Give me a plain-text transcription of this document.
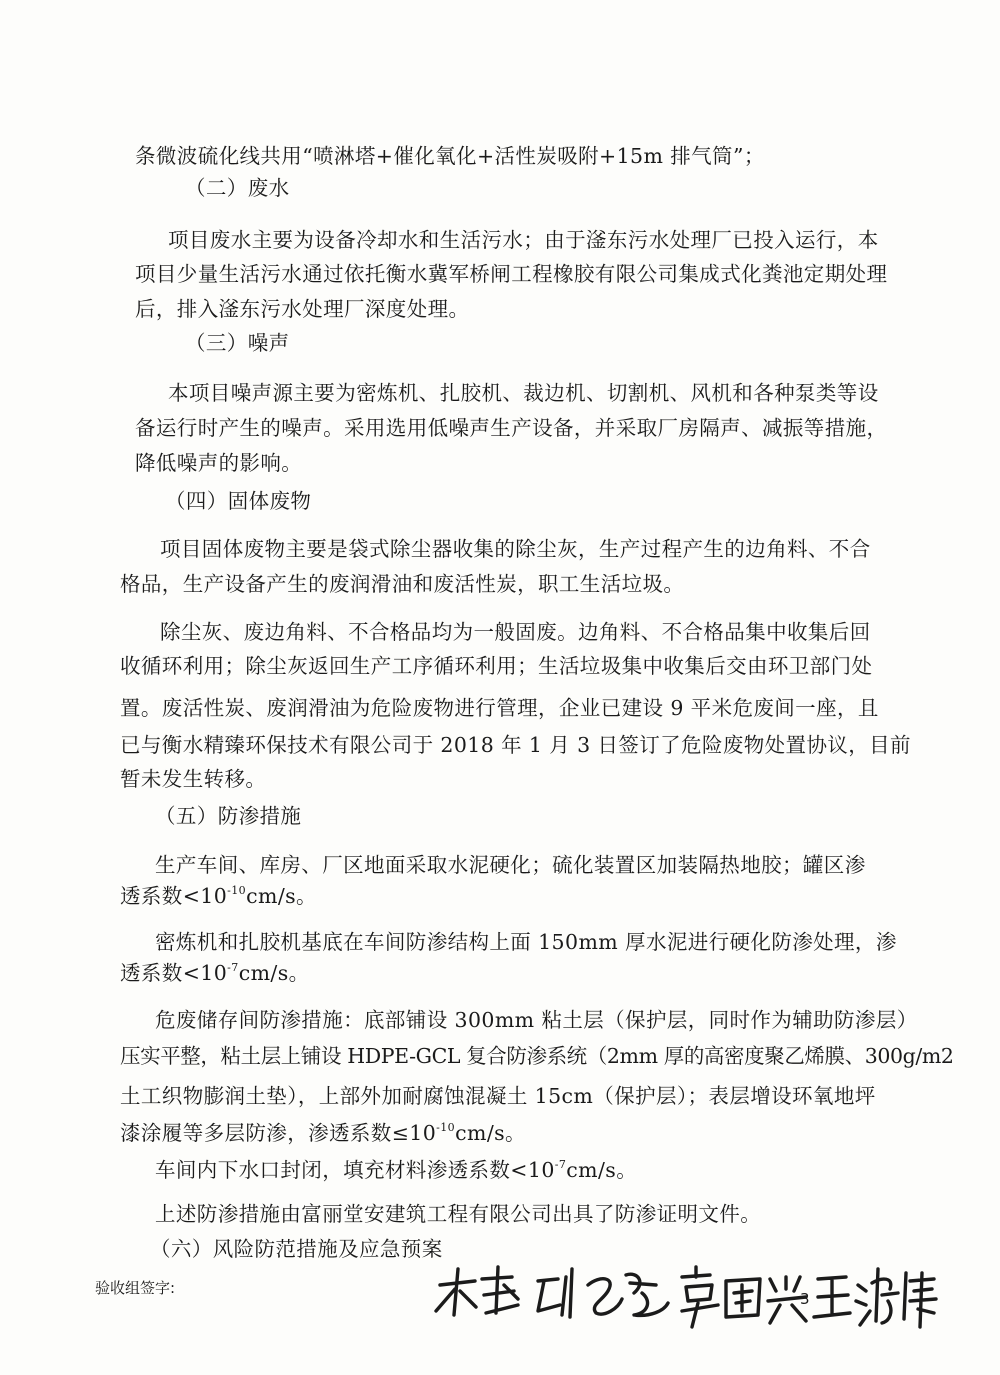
条微波硫化线共用“喷淋塔+催化氧化+活性炭吸附+15m 排气筒”；
（二）废水
项目废水主要为设备冷却水和生活污水；由于滏东污水处理厂已投入运行，本
项目少量生活污水通过依托衡水冀军桥闸工程橡胶有限公司集成式化粪池定期处理
后，排入滏东污水处理厂深度处理。
（三）噪声
本项目噪声源主要为密炼机、扎胶机、裁边机、切割机、风机和各种泵类等设
备运行时产生的噪声。采用选用低噪声生产设备，并采取厂房隔声、减振等措施，
降低噪声的影响。
（四）固体废物
项目固体废物主要是袋式除尘器收集的除尘灰，生产过程产生的边角料、不合
格品，生产设备产生的废润滑油和废活性炭，职工生活垃圾。
除尘灰、废边角料、不合格品均为一般固废。边角料、不合格品集中收集后回
收循环利用；除尘灰返回生产工序循环利用；生活垃圾集中收集后交由环卫部门处
置。废活性炭、废润滑油为危险废物进行管理，企业已建设 9 平米危废间一座，且
已与衡水精臻环保技术有限公司于 2018 年 1 月 3 日签订了危险废物处置协议，目前
暂未发生转移。
（五）防渗措施
生产车间、库房、厂区地面采取水泥硬化；硫化装置区加装隔热地胶；罐区渗
透系数$<10^{-10}cm/s$。
密炼机和扎胶机基底在车间防渗结构上面 150mm 厚水泥进行硬化防渗处理，渗
透系数$<10^{-7}cm/s$。
危废储存间防渗措施：底部铺设 300mm 粘土层（保护层，同时作为辅助防渗层）
压实平整，粘土层上铺设 HDPE-GCL 复合防渗系统（2mm 厚的高密度聚乙烯膜、300g/m2
土工织物膨润土垫），上部外加耐腐蚀混凝土 15cm（保护层）；表层增设环氧地坪
漆涂履等多层防渗，渗透系数$\le 10^{-10}cm/s$。
车间内下水口封闭，填充材料渗透系数$<10^{-7}cm/s$。
上述防渗措施由富丽堂安建筑工程有限公司出具了防渗证明文件。
（六）风险防范措施及应急预案
验收组签字:
3
